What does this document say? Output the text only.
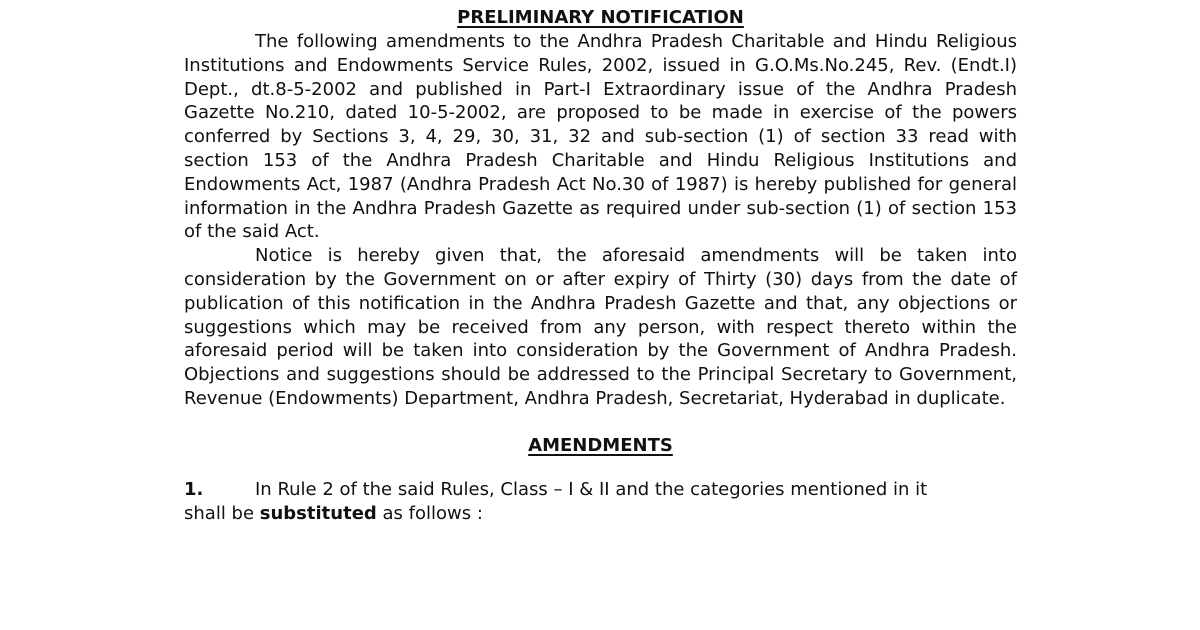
PRELIMINARY NOTIFICATION

The following amendments to the Andhra Pradesh Charitable and Hindu Religious Institutions and Endowments Service Rules, 2002, issued in G.O.Ms.No.245, Rev. (Endt.I) Dept., dt.8-5-2002 and published in Part-I Extraordinary issue of the Andhra Pradesh Gazette No.210, dated 10-5-2002, are proposed to be made in exercise of the powers conferred by Sections 3, 4, 29, 30, 31, 32 and sub-section (1) of section 33 read with section 153 of the Andhra Pradesh Charitable and Hindu Religious Institutions and Endowments Act, 1987 (Andhra Pradesh Act No.30 of 1987) is hereby published for general information in the Andhra Pradesh Gazette as required under sub-section (1) of section 153 of the said Act.

Notice is hereby given that, the aforesaid amendments will be taken into consideration by the Government on or after expiry of Thirty (30) days from the date of publication of this notification in the Andhra Pradesh Gazette and that, any objections or suggestions which may be received from any person, with respect thereto within the aforesaid period will be taken into consideration by the Government of Andhra Pradesh. Objections and suggestions should be addressed to the Principal Secretary to Government, Revenue (Endowments) Department, Andhra Pradesh, Secretariat, Hyderabad in duplicate.

AMENDMENTS
1.	In Rule 2 of the said Rules, Class – I & II and the categories mentioned in it
shall be substituted as follows :
